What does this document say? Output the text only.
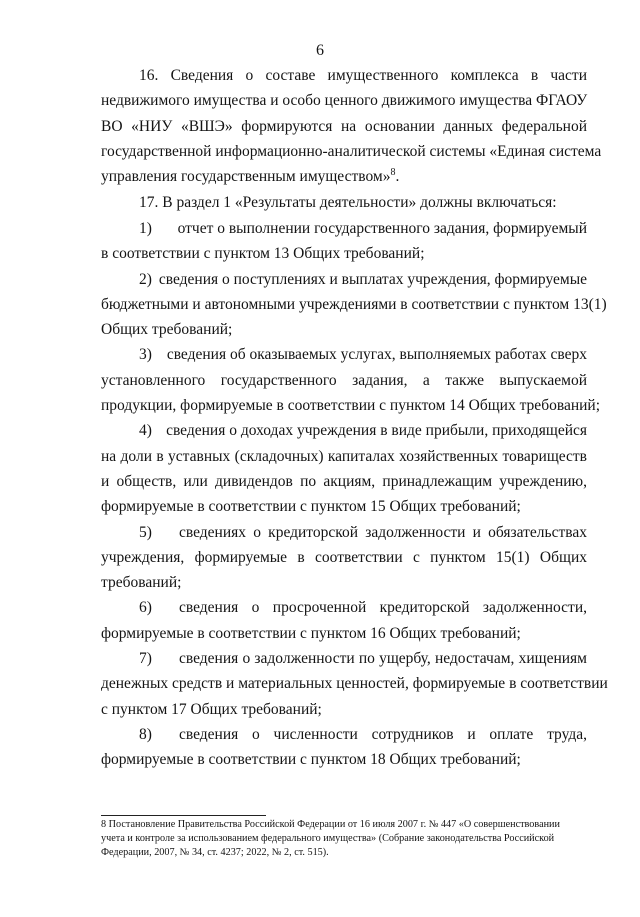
6
16. Сведения о составе имущественного комплекса в части
недвижимого имущества и особо ценного движимого имущества ФГАОУ
ВО «НИУ «ВШЭ» формируются на основании данных федеральной
государственной информационно-аналитической системы «Единая система
управления государственным имуществом»$^8$.
17. В раздел 1 «Результаты деятельности» должны включаться:
1)	отчет о выполнении государственного задания, формируемый
в соответствии с пунктом 13 Общих требований;
2) сведения о поступлениях и выплатах учреждения, формируемые
бюджетными и автономными учреждениями в соответствии с пунктом 13(1)
Общих требований;
3) сведения об оказываемых услугах, выполняемых работах сверх
установленного государственного задания, а также выпускаемой
продукции, формируемые в соответствии с пунктом 14 Общих требований;
4) сведения о доходах учреждения в виде прибыли, приходящейся
на доли в уставных (складочных) капиталах хозяйственных товариществ
и обществ, или дивидендов по акциям, принадлежащим учреждению,
формируемые в соответствии с пунктом 15 Общих требований;
5)	сведениях о кредиторской задолженности и обязательствах
учреждения, формируемые в соответствии с пунктом 15(1) Общих
требований;
6)	сведения о просроченной кредиторской задолженности,
формируемые в соответствии с пунктом 16 Общих требований;
7)	сведения о задолженности по ущербу, недостачам, хищениям
денежных средств и материальных ценностей, формируемые в соответствии
с пунктом 17 Общих требований;
8)	сведения о численности сотрудников и оплате труда,
формируемые в соответствии с пунктом 18 Общих требований;
8 Постановление Правительства Российской Федерации от 16 июля 2007 г. № 447 «О совершенствовании
учета и контроле за использованием федерального имущества» (Собрание законодательства Российской
Федерации, 2007, № 34, ст. 4237; 2022, № 2, ст. 515).
